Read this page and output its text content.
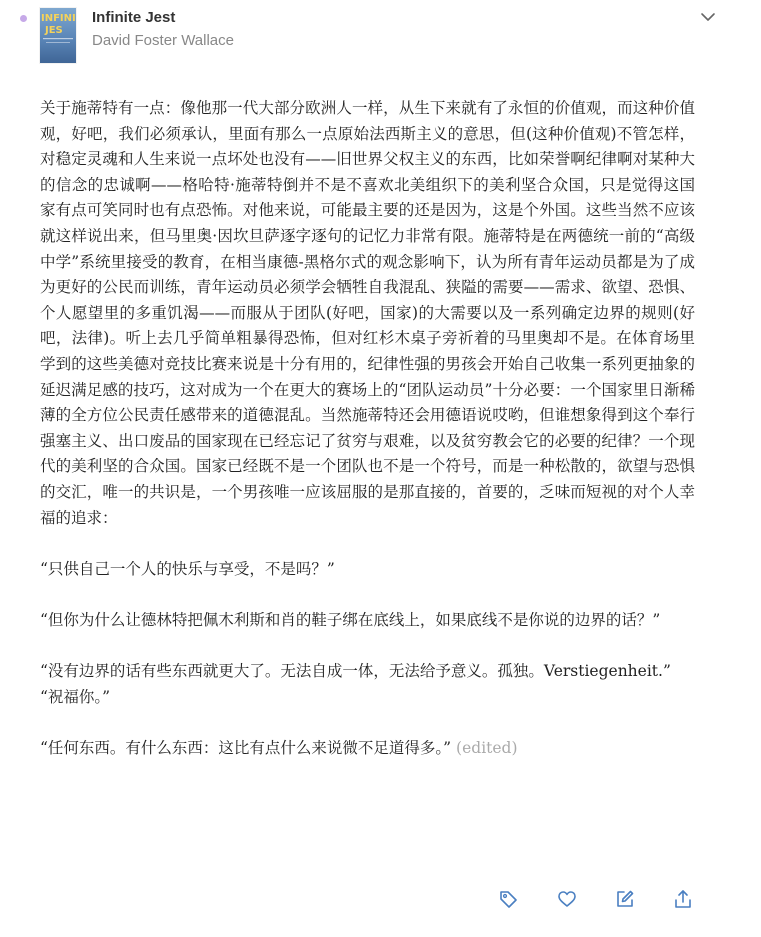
INFINI
JES
Infinite Jest
David Foster Wallace

关于施蒂特有一点：像他那一代大部分欧洲人一样，从生下来就有了永恒的价值观，而这种价值观，好吧，我们必须承认，里面有那么一点原始法西斯主义的意思，但(这种价值观)不管怎样，对稳定灵魂和人生来说一点坏处也没有——旧世界父权主义的东西，比如荣誉啊纪律啊对某种大的信念的忠诚啊——格哈特·施蒂特倒并不是不喜欢北美组织下的美利坚合众国，只是觉得这国家有点可笑同时也有点恐怖。对他来说，可能最主要的还是因为，这是个外国。这些当然不应该就这样说出来，但马里奥·因坎旦萨逐字逐句的记忆力非常有限。施蒂特是在两德统一前的“高级中学”系统里接受的教育，在相当康德-黑格尔式的观念影响下，认为所有青年运动员都是为了成为更好的公民而训练，青年运动员必须学会牺牲自我混乱、狭隘的需要——需求、欲望、恐惧、个人愿望里的多重饥渴——而服从于团队(好吧，国家)的大需要以及一系列确定边界的规则(好吧，法律)。听上去几乎简单粗暴得恐怖，但对红杉木桌子旁祈着的马里奥却不是。在体育场里学到的这些美德对竞技比赛来说是十分有用的，纪律性强的男孩会开始自己收集一系列更抽象的延迟满足感的技巧，这对成为一个在更大的赛场上的“团队运动员”十分必要：一个国家里日渐稀薄的全方位公民责任感带来的道德混乱。当然施蒂特还会用德语说哎哟，但谁想象得到这个奉行强塞主义、出口废品的国家现在已经忘记了贫穷与艰难，以及贫穷教会它的必要的纪律？一个现代的美利坚的合众国。国家已经既不是一个团队也不是一个符号，而是一种松散的，欲望与恐惧的交汇，唯一的共识是，一个男孩唯一应该屈服的是那直接的，首要的，乏味而短视的对个人幸福的追求：

“只供自己一个人的快乐与享受，不是吗？”

“但你为什么让德林特把佩木利斯和肖的鞋子绑在底线上，如果底线不是你说的边界的话？”

“没有边界的话有些东西就更大了。无法自成一体，无法给予意义。孤独。Verstiegenheit.”

“祝福你。”

“任何东西。有什么东西：这比有点什么来说微不足道得多。” (edited)
